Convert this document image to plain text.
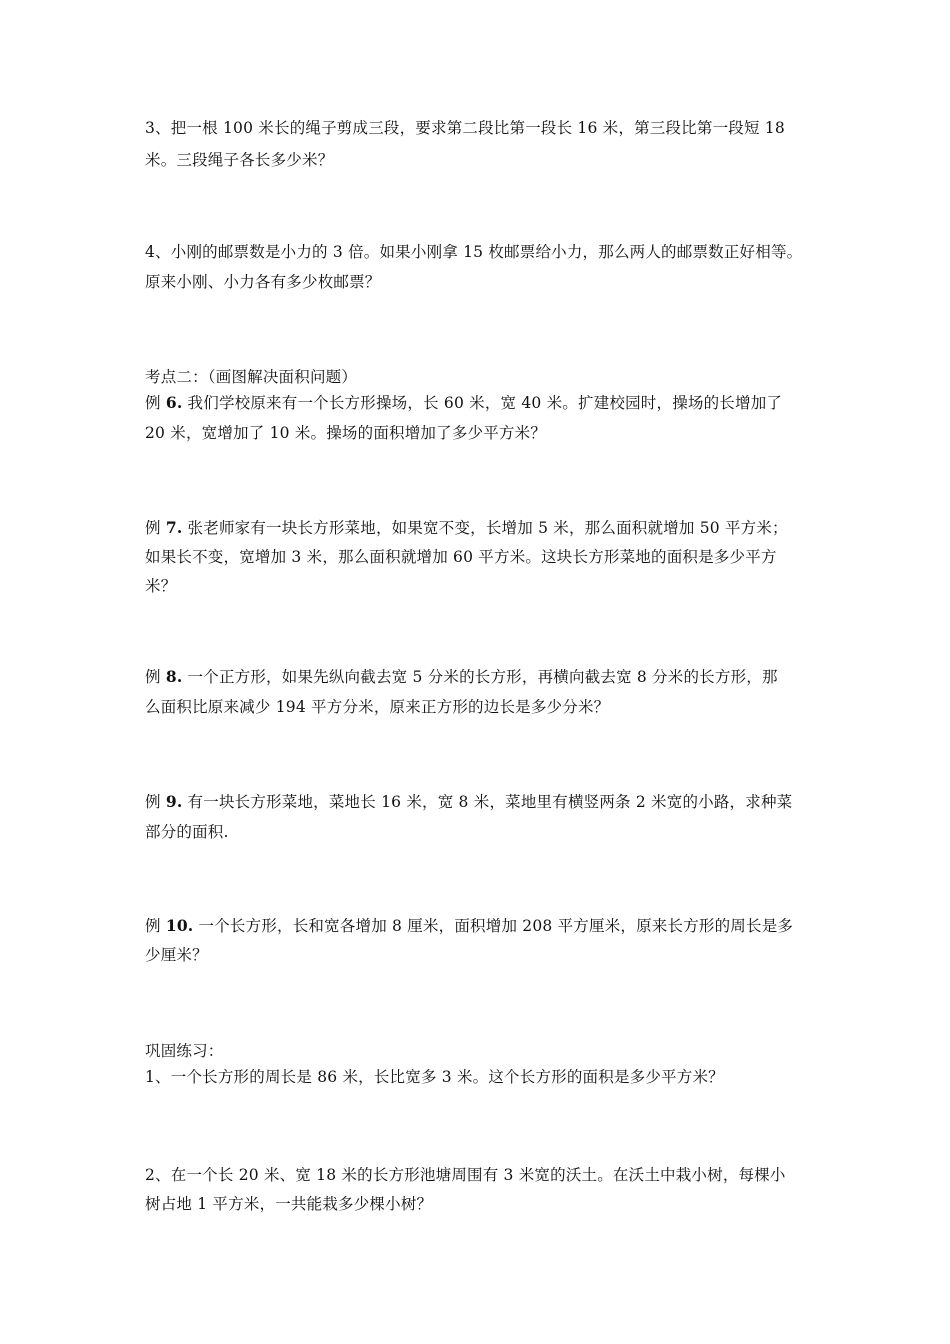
3、把一根 100 米长的绳子剪成三段，要求第二段比第一段长 16 米，第三段比第一段短 18
米。三段绳子各长多少米？
4、小刚的邮票数是小力的 3 倍。如果小刚拿 15 枚邮票给小力，那么两人的邮票数正好相等。
原来小刚、小力各有多少枚邮票？
考点二：（画图解决面积问题）
例 6. 我们学校原来有一个长方形操场，长 60 米，宽 40 米。扩建校园时，操场的长增加了
20 米，宽增加了 10 米。操场的面积增加了多少平方米？
例 7. 张老师家有一块长方形菜地，如果宽不变，长增加 5 米，那么面积就增加 50 平方米；
如果长不变，宽增加 3 米，那么面积就增加 60 平方米。这块长方形菜地的面积是多少平方
米？
例 8. 一个正方形，如果先纵向截去宽 5 分米的长方形，再横向截去宽 8 分米的长方形，那
么面积比原来减少 194 平方分米，原来正方形的边长是多少分米？
例 9. 有一块长方形菜地，菜地长 16 米，宽 8 米，菜地里有横竖两条 2 米宽的小路，求种菜
部分的面积.
例 10. 一个长方形，长和宽各增加 8 厘米，面积增加 208 平方厘米，原来长方形的周长是多
少厘米？
巩固练习：
1、一个长方形的周长是 86 米，长比宽多 3 米。这个长方形的面积是多少平方米？
2、在一个长 20 米、宽 18 米的长方形池塘周围有 3 米宽的沃土。在沃土中栽小树，每棵小
树占地 1 平方米，一共能栽多少棵小树？
